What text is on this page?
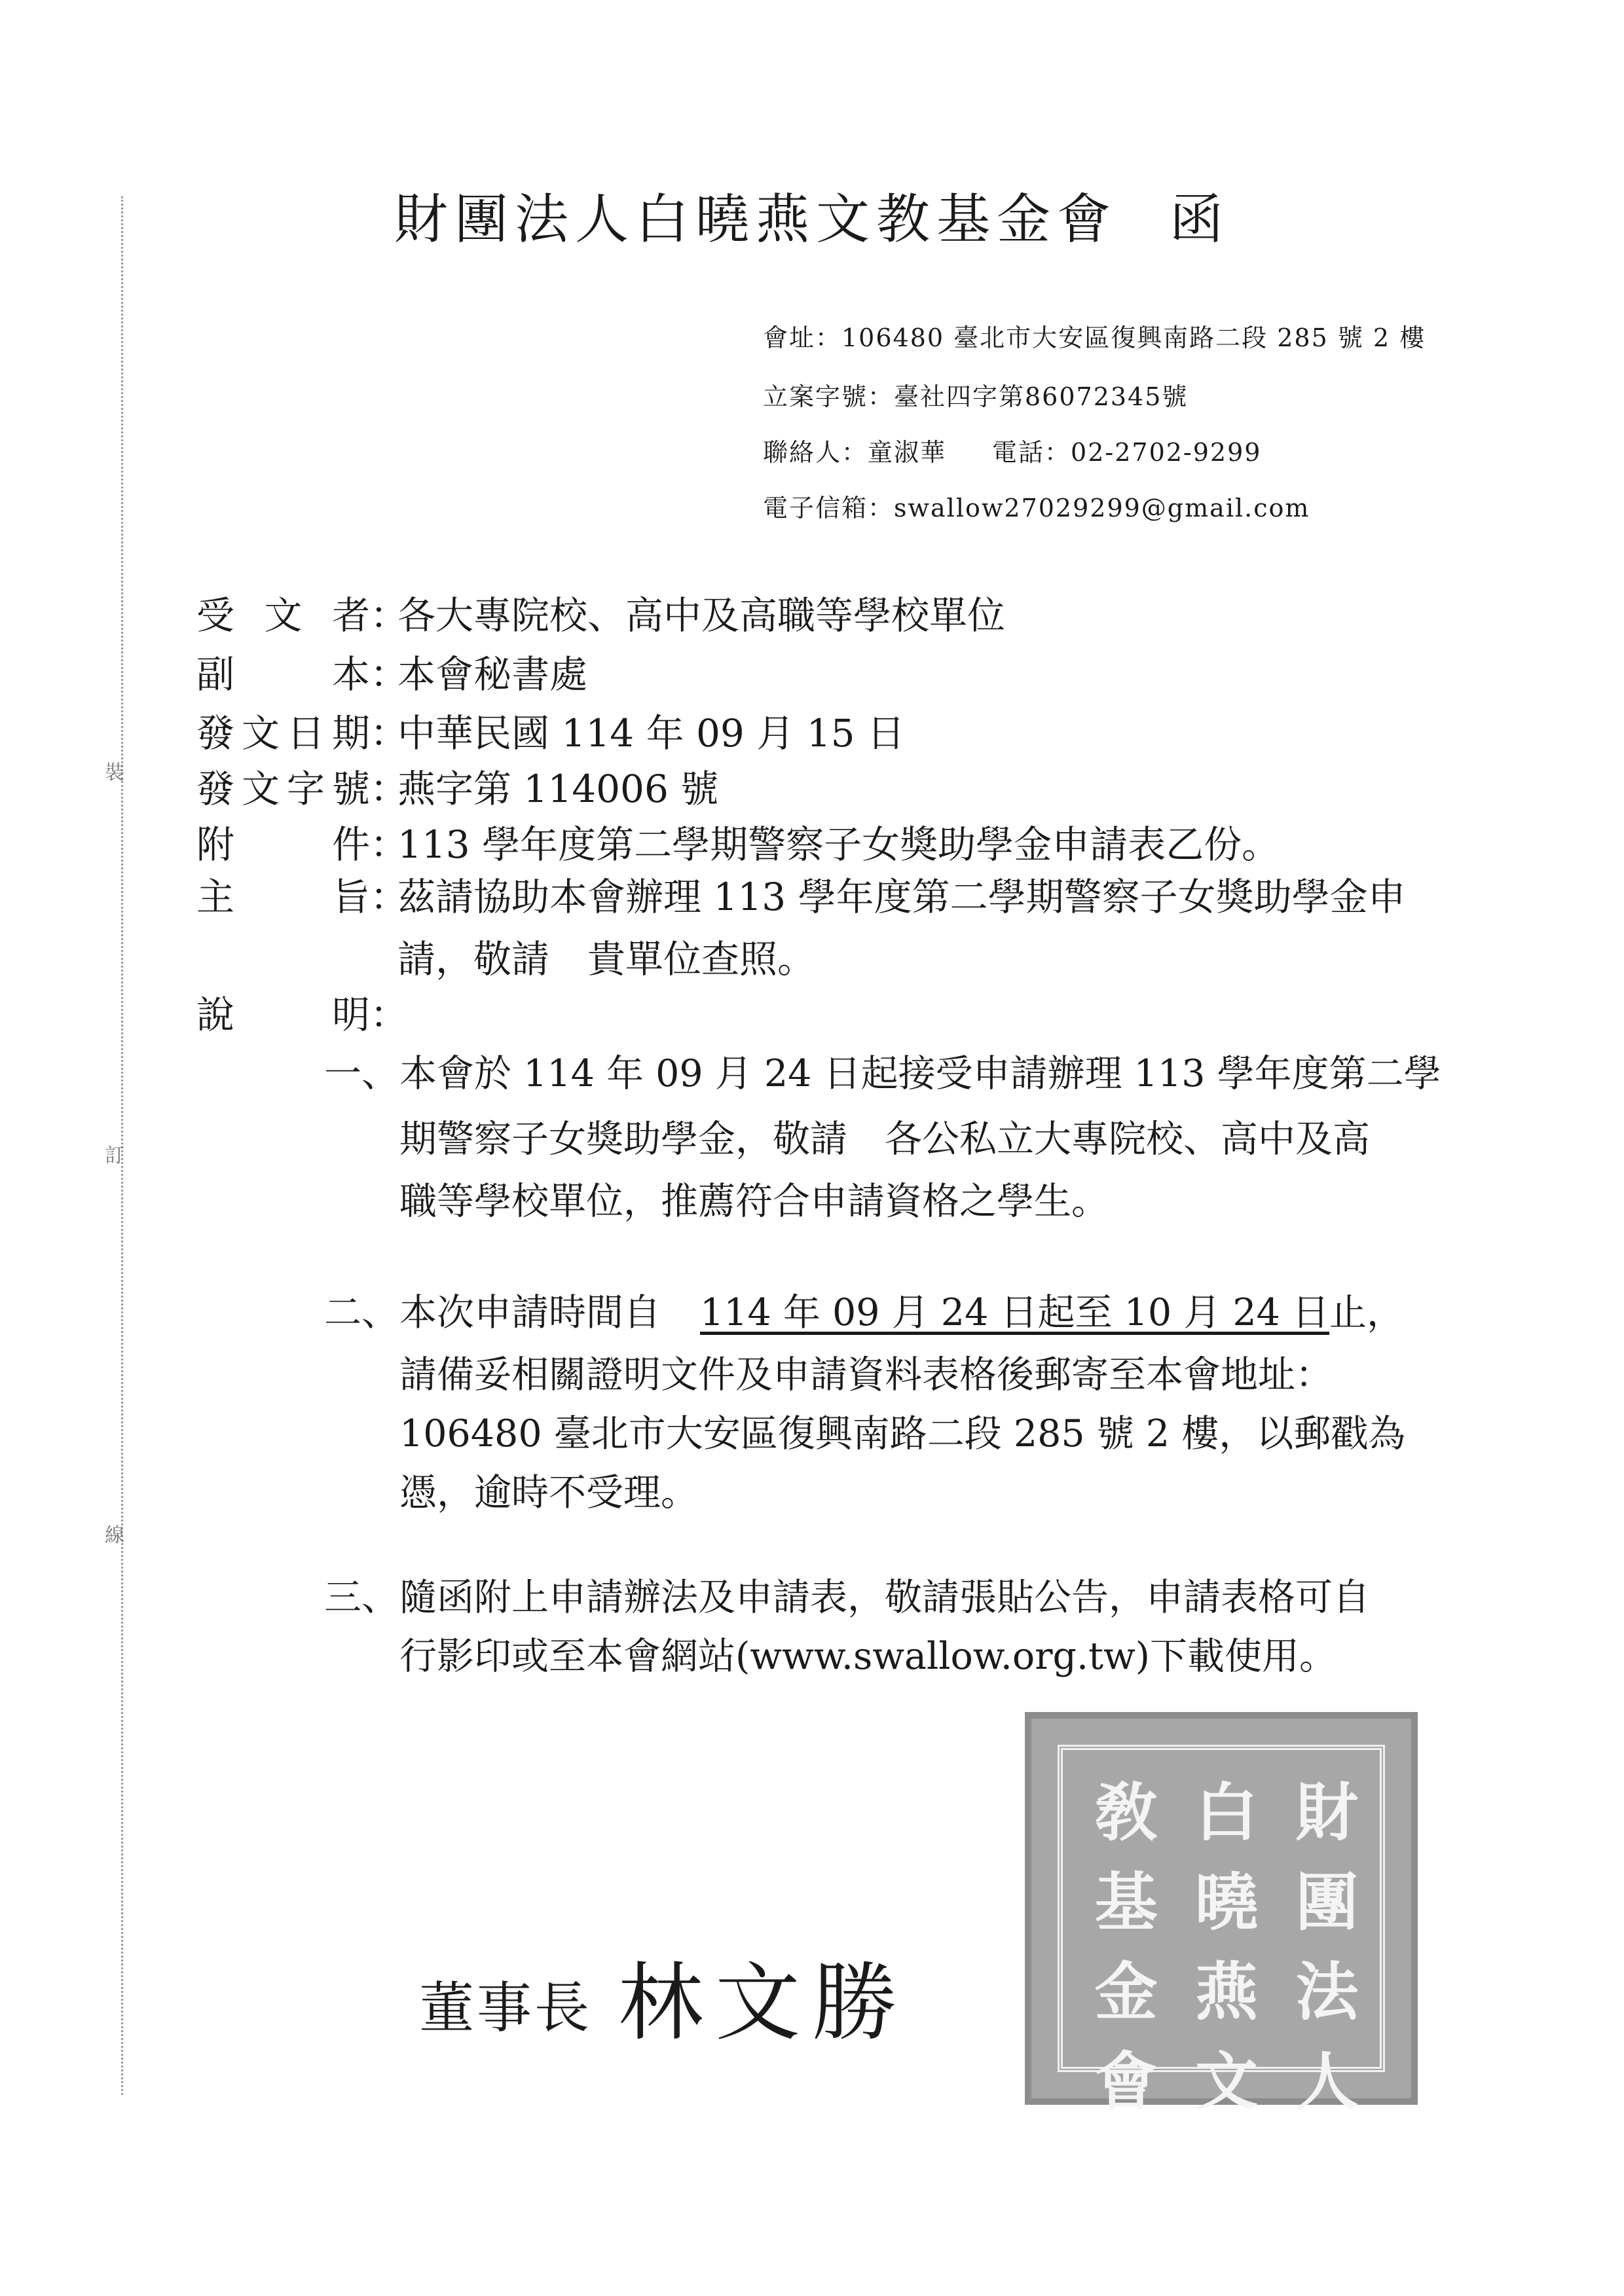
裝
訂
線
財團法人白曉燕文教基金會 函
會址：106480 臺北市大安區復興南路二段 285 號 2 樓
立案字號：臺社四字第86072345號
聯絡人：童淑華 電話：02-2702-9299
電子信箱：swallow27029299@gmail.com
受文者：各大專院校、高中及高職等學校單位
副本：本會秘書處
發文日期：中華民國 114 年 09 月 15 日
發文字號：燕字第 114006 號
附件：113 學年度第二學期警察子女獎助學金申請表乙份。
主旨：茲請協助本會辦理 113 學年度第二學期警察子女獎助學金申
請，敬請　貴單位查照。
說明：
一、本會於 114 年 09 月 24 日起接受申請辦理 113 學年度第二學
期警察子女獎助學金，敬請　各公私立大專院校、高中及高
職等學校單位，推薦符合申請資格之學生。
二、本次申請時間自 114 年 09 月 24 日起至 10 月 24 日止，
請備妥相關證明文件及申請資料表格後郵寄至本會地址：
106480 臺北市大安區復興南路二段 285 號 2 樓，以郵戳為
憑，逾時不受理。
三、隨函附上申請辦法及申請表，敬請張貼公告，申請表格可自
行影印或至本會網站(www.swallow.org.tw)下載使用。
敎 白 財
基 曉 團
金 燕 法
會 文 人
董事長 林文勝
